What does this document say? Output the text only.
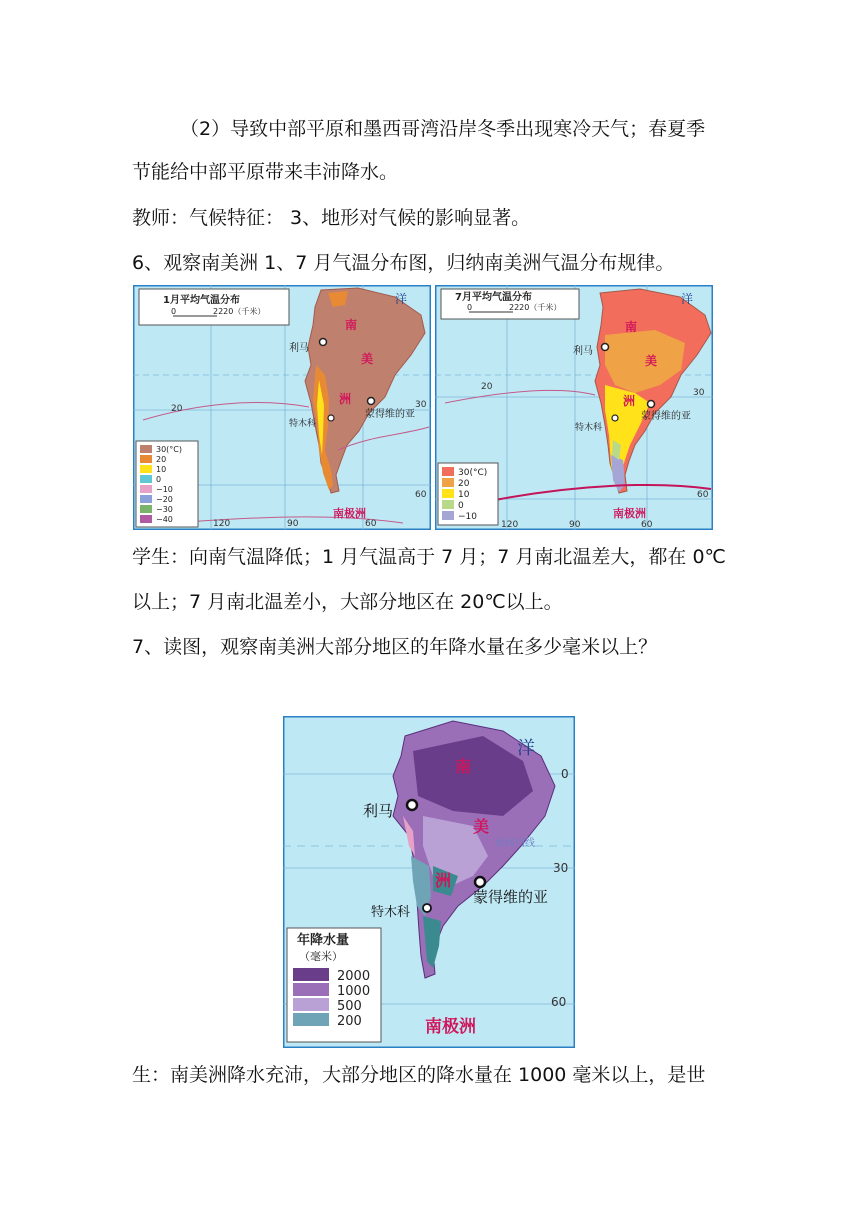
（2）导致中部平原和墨西哥湾沿岸冬季出现寒冷天气；春夏季
节能给中部平原带来丰沛降水。
教师：气候特征： 3、地形对气候的影响显著。
6、观察南美洲 1、7 月气温分布图，归纳南美洲气温分布规律。
1月平均气温分布
0	2220（千米）
洋
南
美
洲
利马
蒙得维的亚
特木科
20	30
60
120	90	60
南极洲
30(°C)
20
10
0
−10
−20
−30
−40
7月平均气温分布
0	2220（千米）
洋
南
美
洲
利马
蒙得维的亚
特木科
20
30
60
120	90	60
南极洲
30(°C)
20
10
0
−10
学生：向南气温降低；1 月气温高于 7 月；7 月南北温差大，都在 0℃
以上；7 月南北温差小，大部分地区在 20℃以上。
7、读图，观察南美洲大部分地区的年降水量在多少毫米以上？
洋
南
美
洲
利马
蒙得维的亚
特木科
南回归线
0
30
60
南极洲
年降水量
（毫米）
2000
1000
500
200
生：南美洲降水充沛，大部分地区的降水量在 1000 毫米以上，是世
